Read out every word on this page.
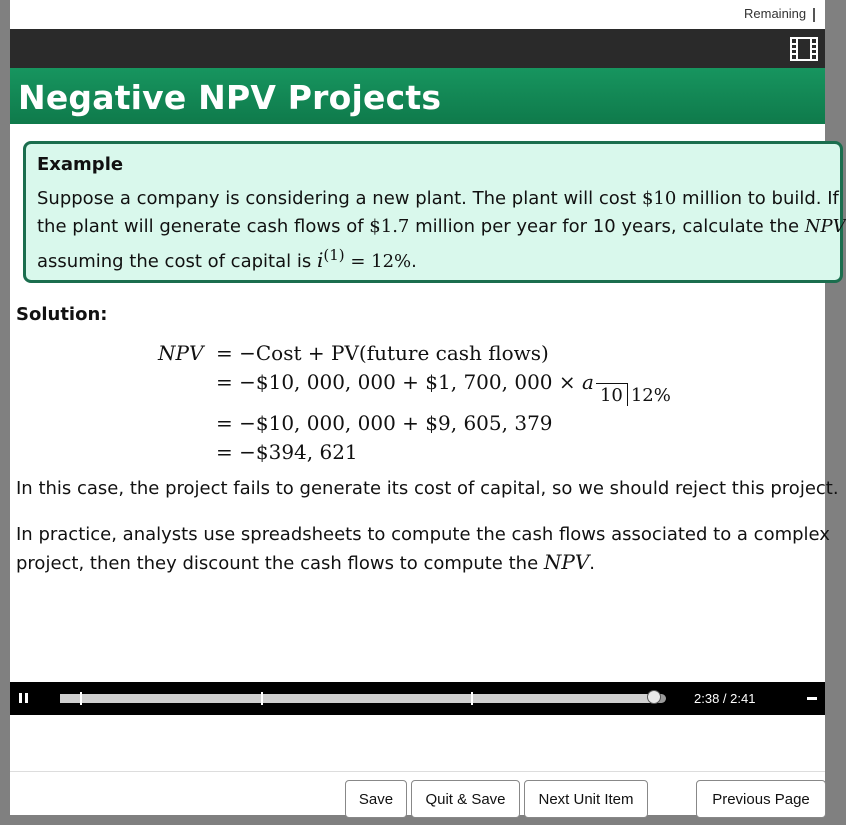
Remaining
Negative NPV Projects
Example
Suppose a company is considering a new plant. The plant will cost $10 million to build. If
the plant will generate cash flows of $1.7 million per year for 10 years, calculate the NPV
assuming the cost of capital is $i^{(1)} = 12\%$.
Solution:
NPV = −Cost + PV(future cash flows)
= −$10, 000, 000 + $1, 700, 000 × a10 12%
= −$10, 000, 000 + $9, 605, 379
= −$394, 621
In this case, the project fails to generate its cost of capital, so we should reject this project.
In practice, analysts use spreadsheets to compute the cash flows associated to a complex
project, then they discount the cash flows to compute the NPV.
2:38 / 2:41
Save	Quit & Save	Next Unit Item	Previous Page
